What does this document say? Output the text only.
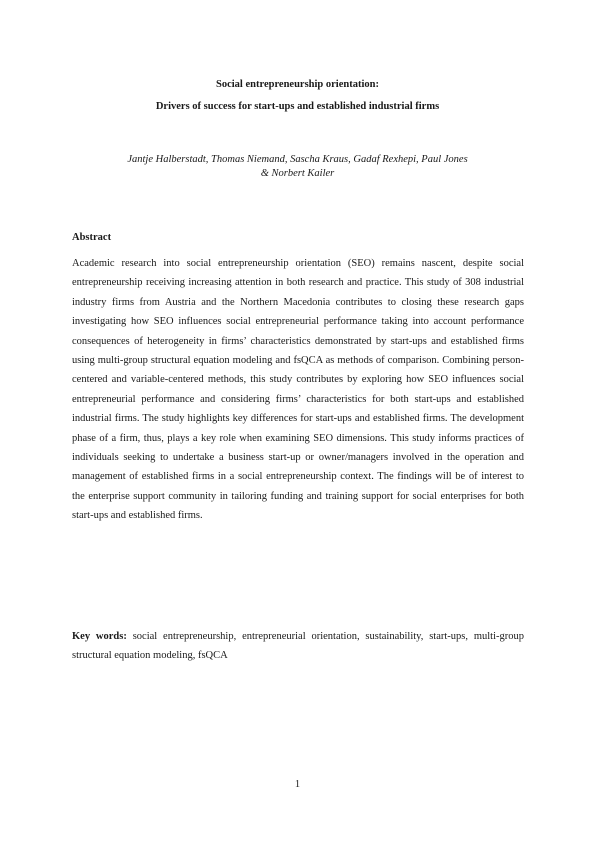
Social entrepreneurship orientation:
Drivers of success for start-ups and established industrial firms
Jantje Halberstadt, Thomas Niemand, Sascha Kraus, Gadaf Rexhepi, Paul Jones
& Norbert Kailer
Abstract

Academic research into social entrepreneurship orientation (SEO) remains nascent, despite social entrepreneurship receiving increasing attention in both research and practice. This study of 308 industrial industry firms from Austria and the Northern Macedonia contributes to closing these research gaps investigating how SEO influences social entrepreneurial performance taking into account performance consequences of heterogeneity in firms’ characteristics demonstrated by start-ups and established firms using multi-group structural equation modeling and fsQCA as methods of comparison. Combining person-centered and variable-centered methods, this study contributes by exploring how SEO influences social entrepreneurial performance and considering firms’ characteristics for both start-ups and established industrial firms. The study highlights key differences for start-ups and established firms. The development phase of a firm, thus, plays a key role when examining SEO dimensions. This study informs practices of individuals seeking to undertake a business start-up or owner/managers involved in the operation and management of established firms in a social entrepreneurship context. The findings will be of interest to the enterprise support community in tailoring funding and training support for social enterprises for both start-ups and established firms.

Key words: social entrepreneurship, entrepreneurial orientation, sustainability, start-ups, multi-group structural equation modeling, fsQCA

1
